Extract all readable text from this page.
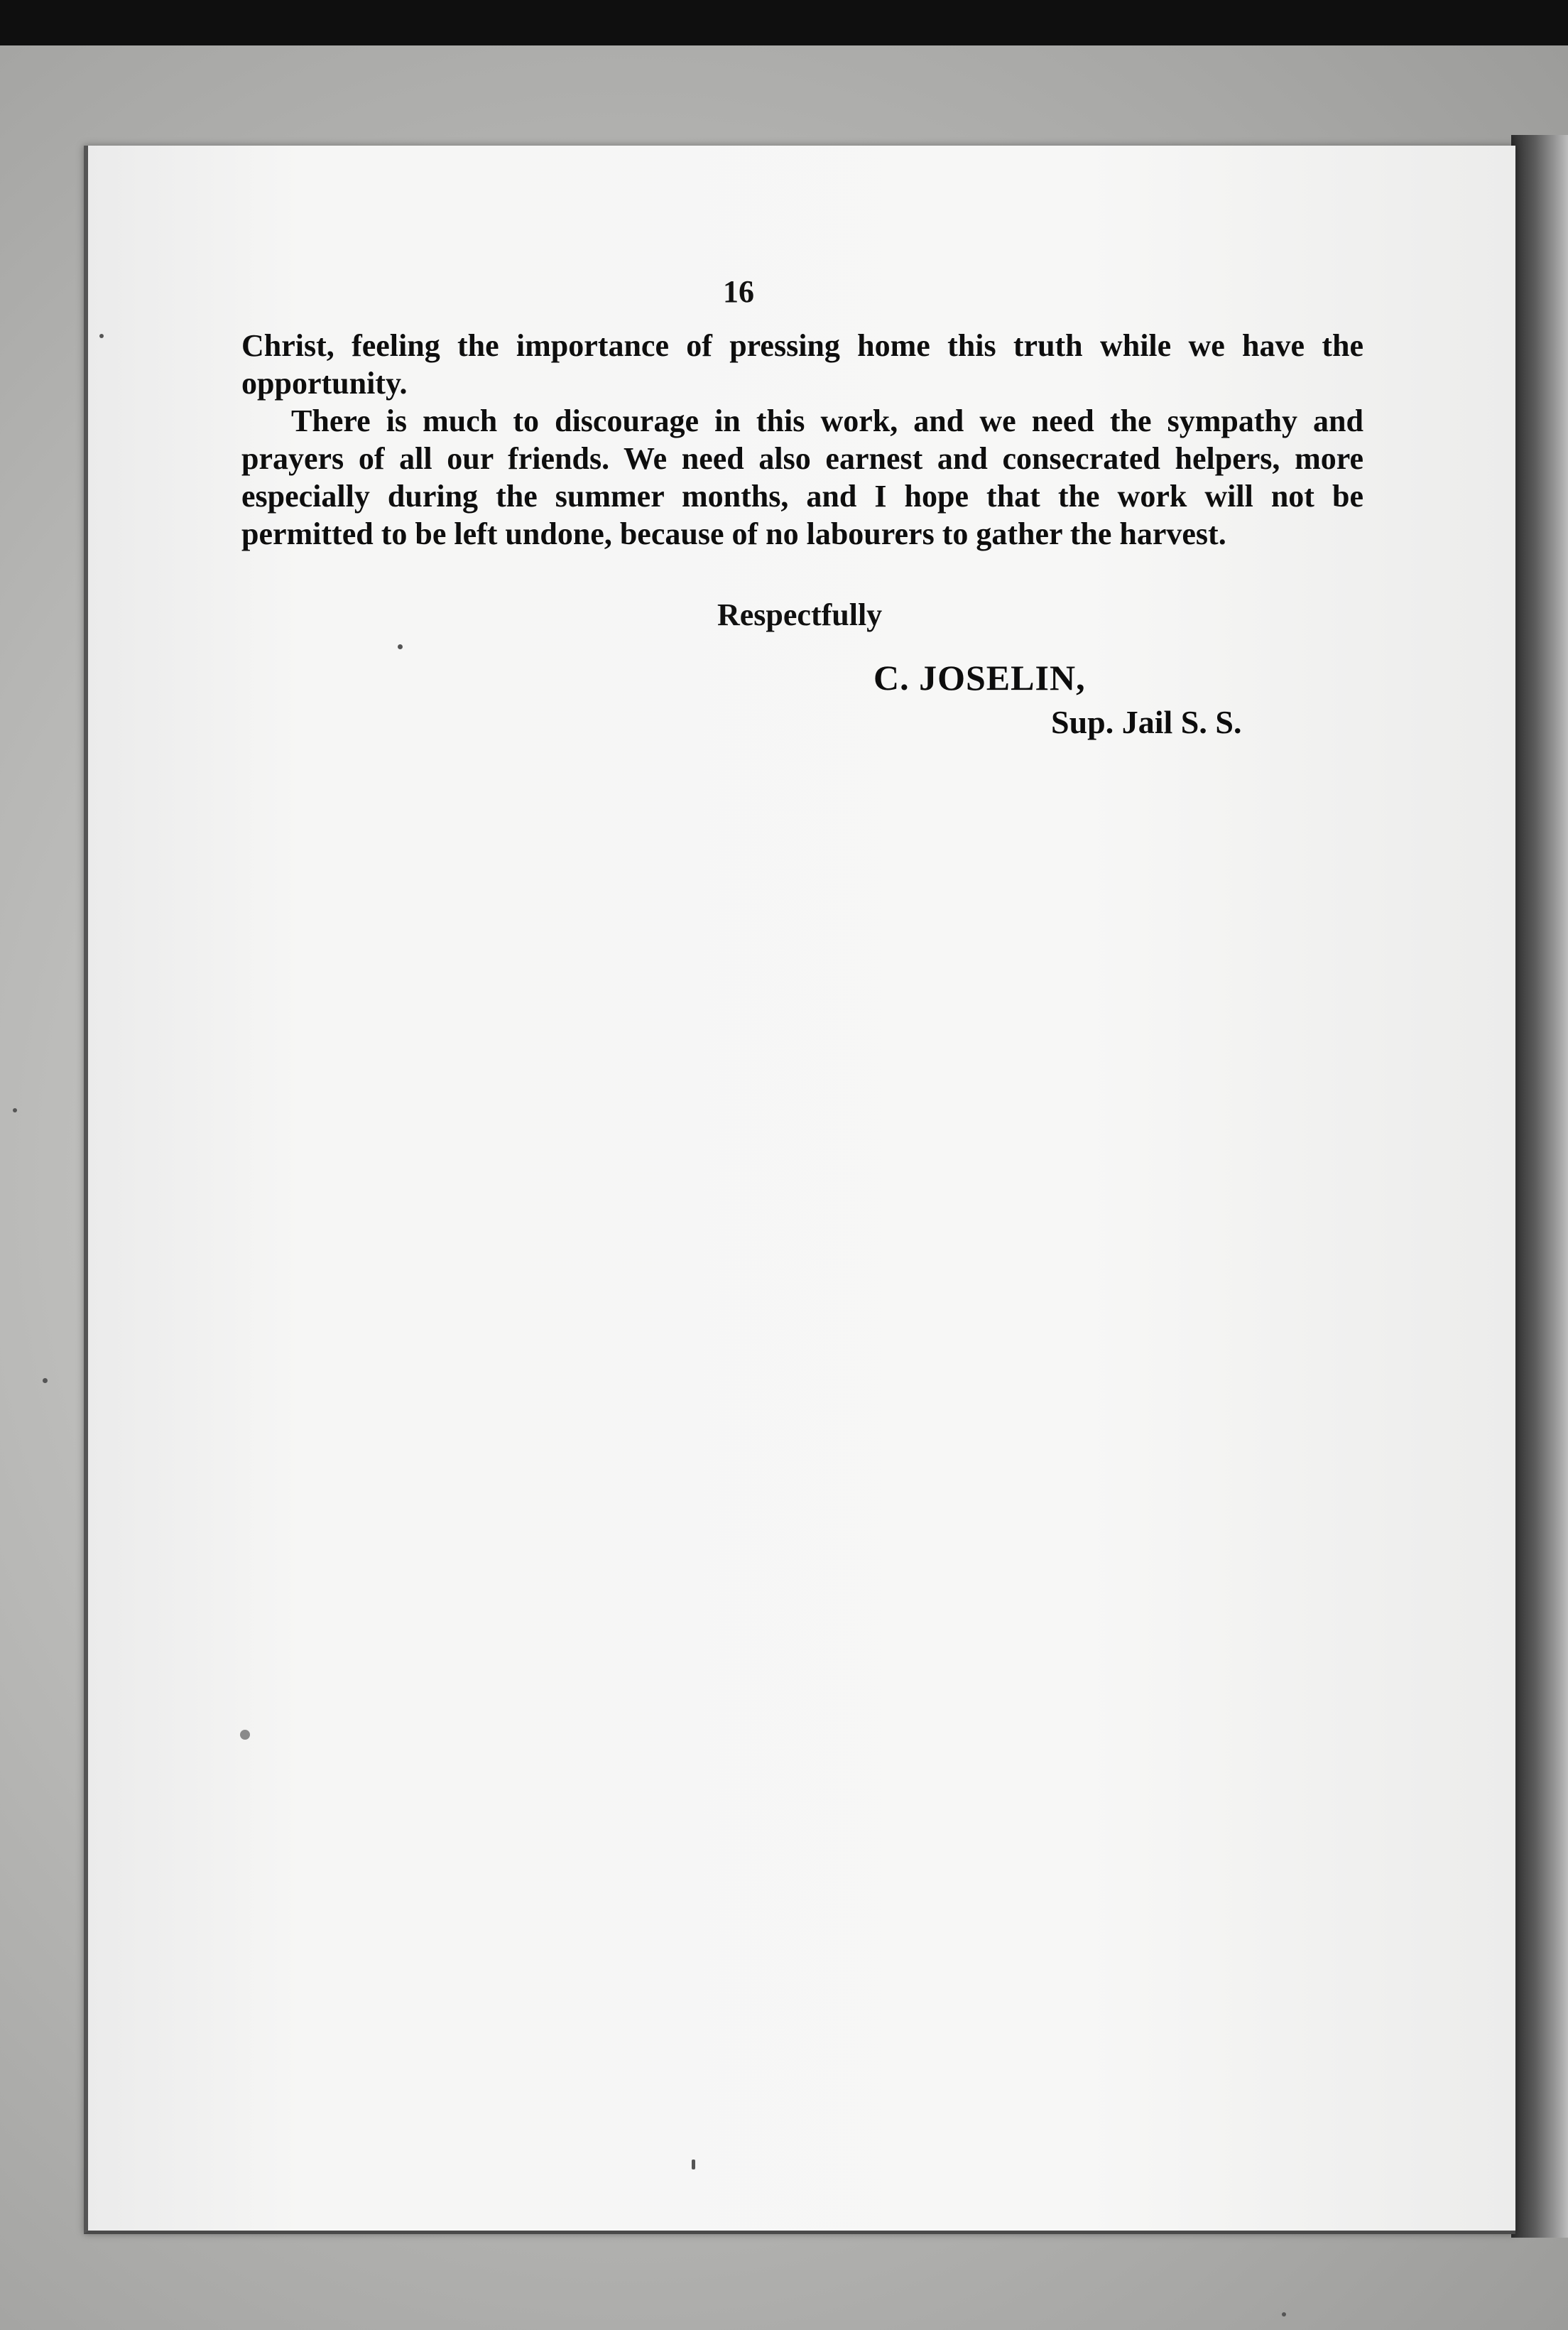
16

Christ, feeling the importance of pressing home this truth while we have the opportunity.

There is much to discourage in this work, and we need the sympathy and prayers of all our friends. We need also earnest and consecrated helpers, more especially during the summer months, and I hope that the work will not be permitted to be left undone, because of no labourers to gather the harvest.

Respectfully
C. JOSELIN,
Sup. Jail S. S.
